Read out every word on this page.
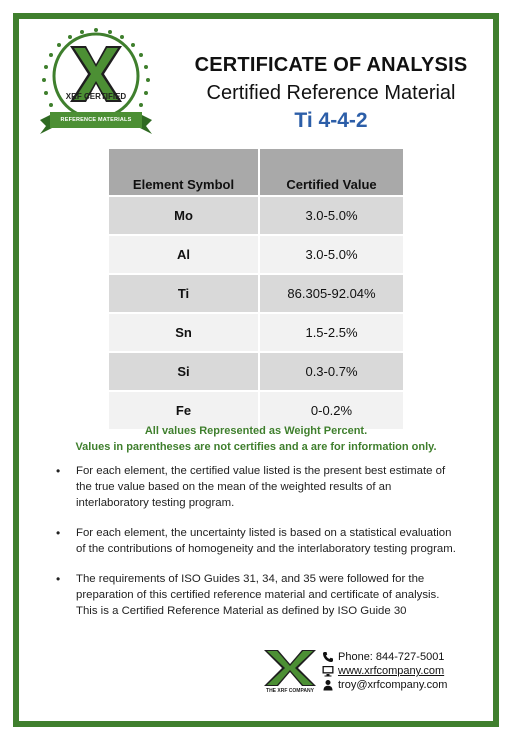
XRF CERTIFIED
REFERENCE MATERIALS
CERTIFICATE OF ANALYSIS
Certified Reference Material
Ti 4-4-2
Element Symbol	Certified Value
Mo	3.0-5.0%
Al	3.0-5.0%
Ti	86.305-92.04%
Sn	1.5-2.5%
Si	0.3-0.7%
Fe	0-0.2%
All values Represented as Weight Percent.
Values in parentheses are not certifies and a are for information only.
• For each element, the certified value listed is the present best estimate of the true value based on the mean of the weighted results of an interlaboratory testing program.
• For each element, the uncertainty listed is based on a statistical evaluation of the contributions of homogeneity and the interlaboratory testing program.
• The requirements of ISO Guides 31, 34, and 35 were followed for the preparation of this certified reference material and certificate of analysis. This is a Certified Reference Material as defined by ISO Guide 30
THE XRF COMPANY
Phone: 844-727-5001
www.xrfcompany.com
troy@xrfcompany.com
